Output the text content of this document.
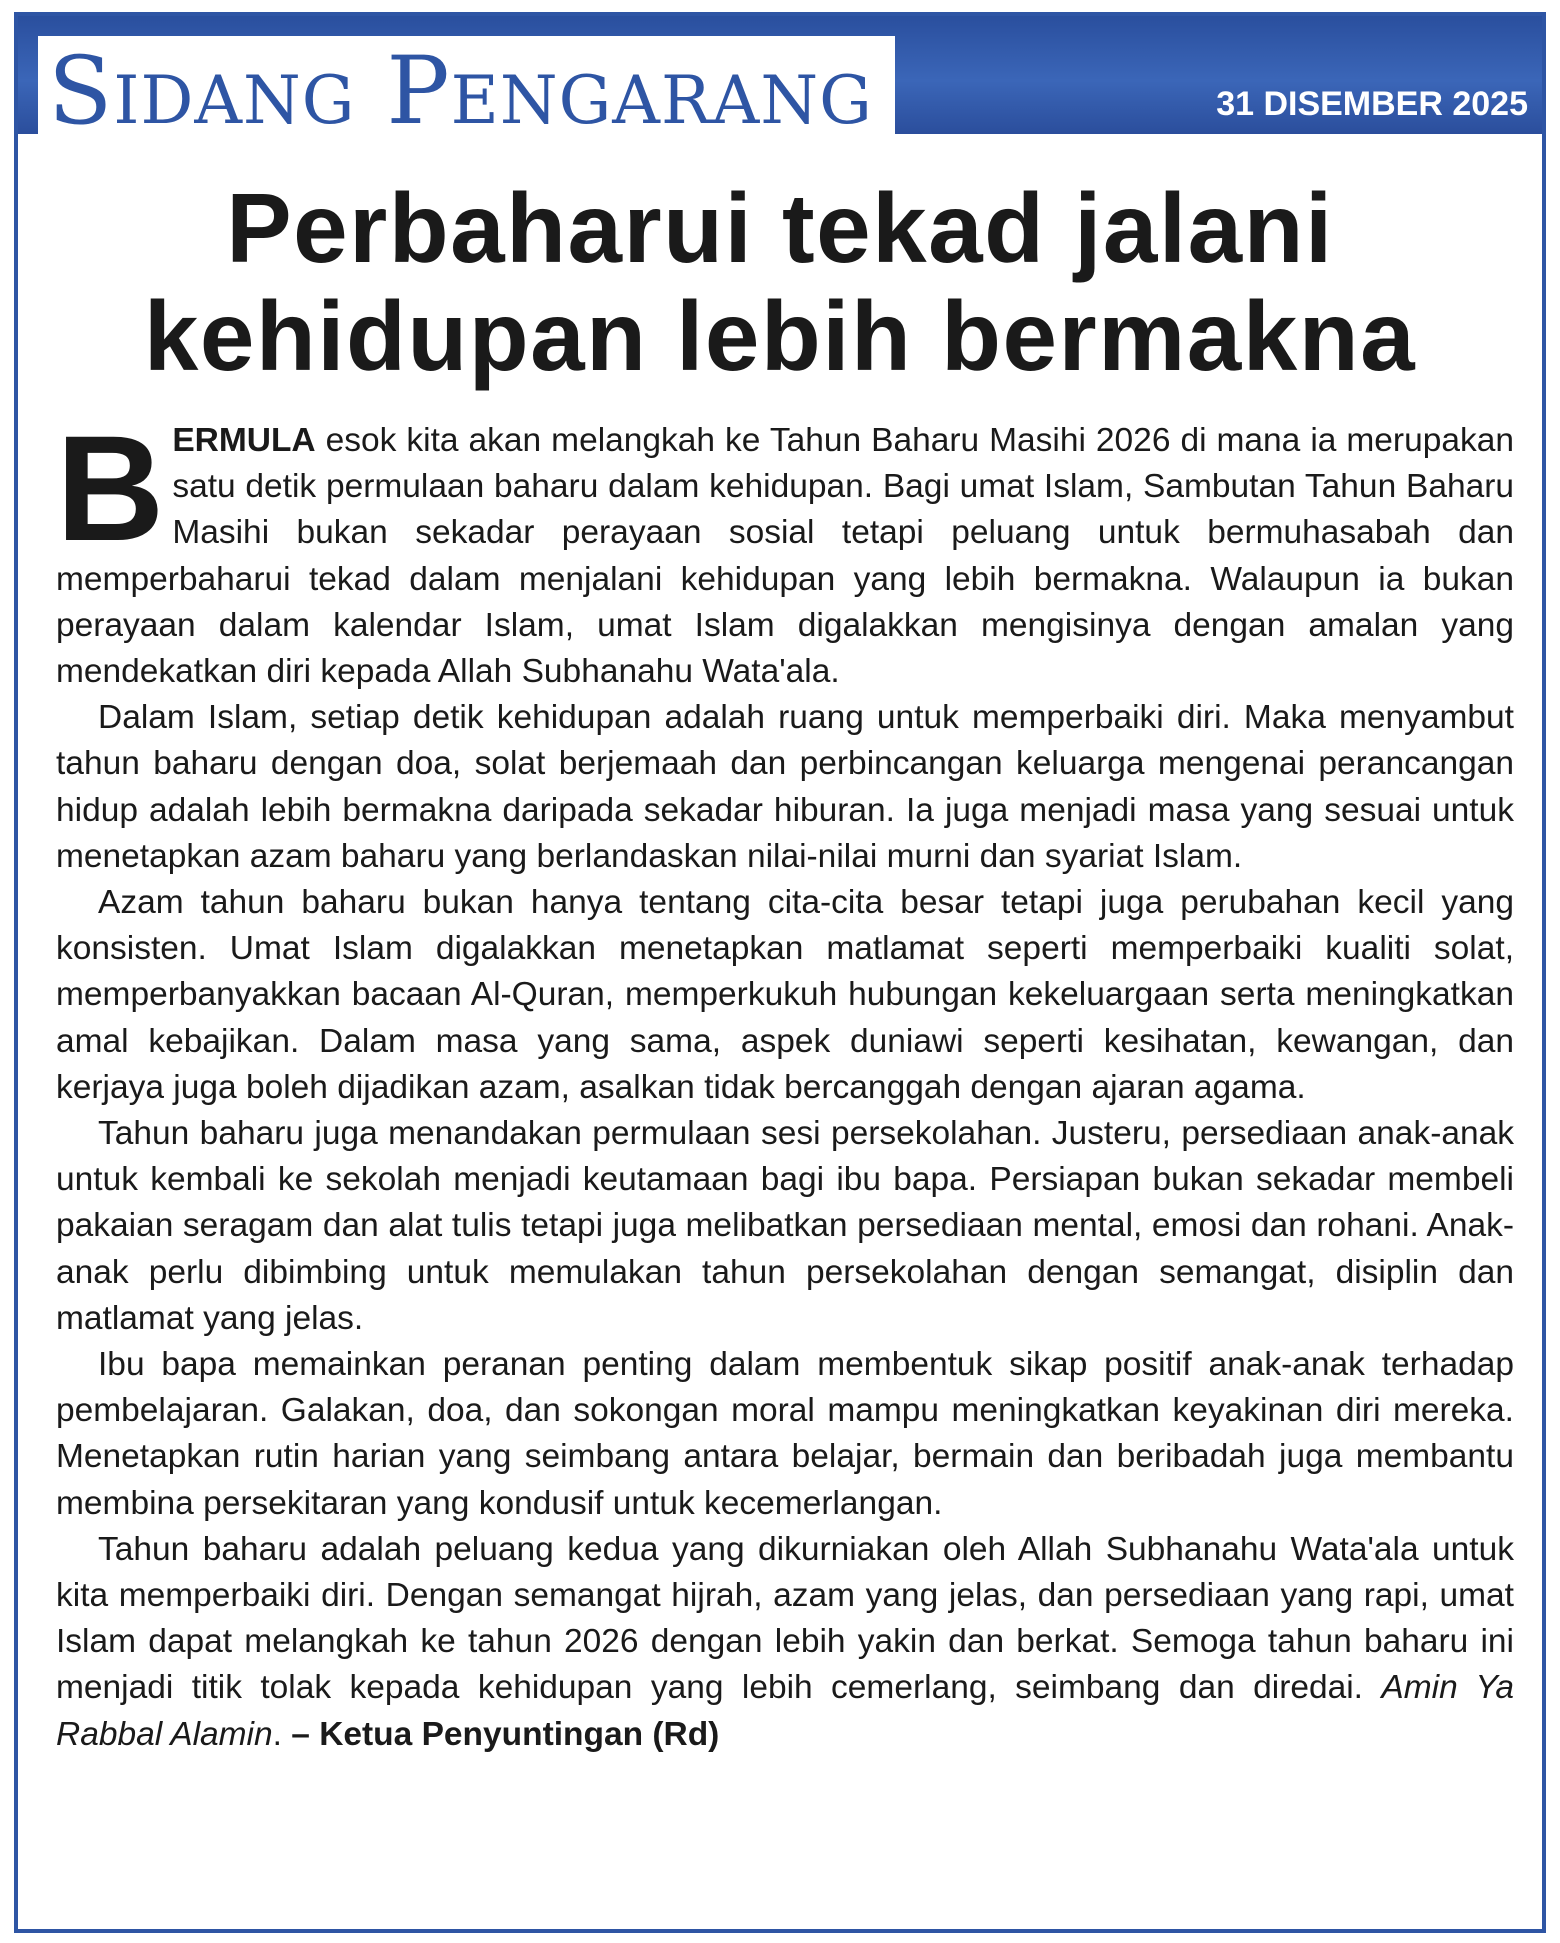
Sidang Pengarang	31 DISEMBER 2025
Perbaharui tekad jalani
kehidupan lebih bermakna

BERMULA esok kita akan melangkah ke Tahun Baharu Masihi 2026 di mana ia merupakan satu detik permulaan baharu dalam kehidupan. Bagi umat Islam, Sambutan Tahun Baharu Masihi bukan sekadar perayaan sosial tetapi peluang untuk bermuhasabah dan memperbaharui tekad dalam menjalani kehidupan yang lebih bermakna. Walaupun ia bukan perayaan dalam kalendar Islam, umat Islam digalakkan mengisinya dengan amalan yang mendekatkan diri kepada Allah Subhanahu Wata'ala.

Dalam Islam, setiap detik kehidupan adalah ruang untuk memperbaiki diri. Maka menyambut tahun baharu dengan doa, solat berjemaah dan perbincangan keluarga mengenai perancangan hidup adalah lebih bermakna daripada sekadar hiburan. Ia juga menjadi masa yang sesuai untuk menetapkan azam baharu yang berlandaskan nilai-nilai murni dan syariat Islam.

Azam tahun baharu bukan hanya tentang cita-cita besar tetapi juga perubahan kecil yang konsisten. Umat Islam digalakkan menetapkan matlamat seperti memperbaiki kualiti solat, memperbanyakkan bacaan Al-Quran, memperkukuh hubungan kekeluargaan serta meningkatkan amal kebajikan. Dalam masa yang sama, aspek duniawi seperti kesihatan, kewangan, dan kerjaya juga boleh dijadikan azam, asalkan tidak bercanggah dengan ajaran agama.

Tahun baharu juga menandakan permulaan sesi persekolahan. Justeru, persediaan anak-anak untuk kembali ke sekolah menjadi keutamaan bagi ibu bapa. Persiapan bukan sekadar membeli pakaian seragam dan alat tulis tetapi juga melibatkan persediaan mental, emosi dan rohani. Anak-anak perlu dibimbing untuk memulakan tahun persekolahan dengan semangat, disiplin dan matlamat yang jelas.

Ibu bapa memainkan peranan penting dalam membentuk sikap positif anak-anak terhadap pembelajaran. Galakan, doa, dan sokongan moral mampu meningkatkan keyakinan diri mereka. Menetapkan rutin harian yang seimbang antara belajar, bermain dan beribadah juga membantu membina persekitaran yang kondusif untuk kecemerlangan.

Tahun baharu adalah peluang kedua yang dikurniakan oleh Allah Subhanahu Wata'ala untuk kita memperbaiki diri. Dengan semangat hijrah, azam yang jelas, dan persediaan yang rapi, umat Islam dapat melangkah ke tahun 2026 dengan lebih yakin dan berkat. Semoga tahun baharu ini menjadi titik tolak kepada kehidupan yang lebih cemerlang, seimbang dan diredai. Amin Ya Rabbal Alamin. – Ketua Penyuntingan (Rd)
